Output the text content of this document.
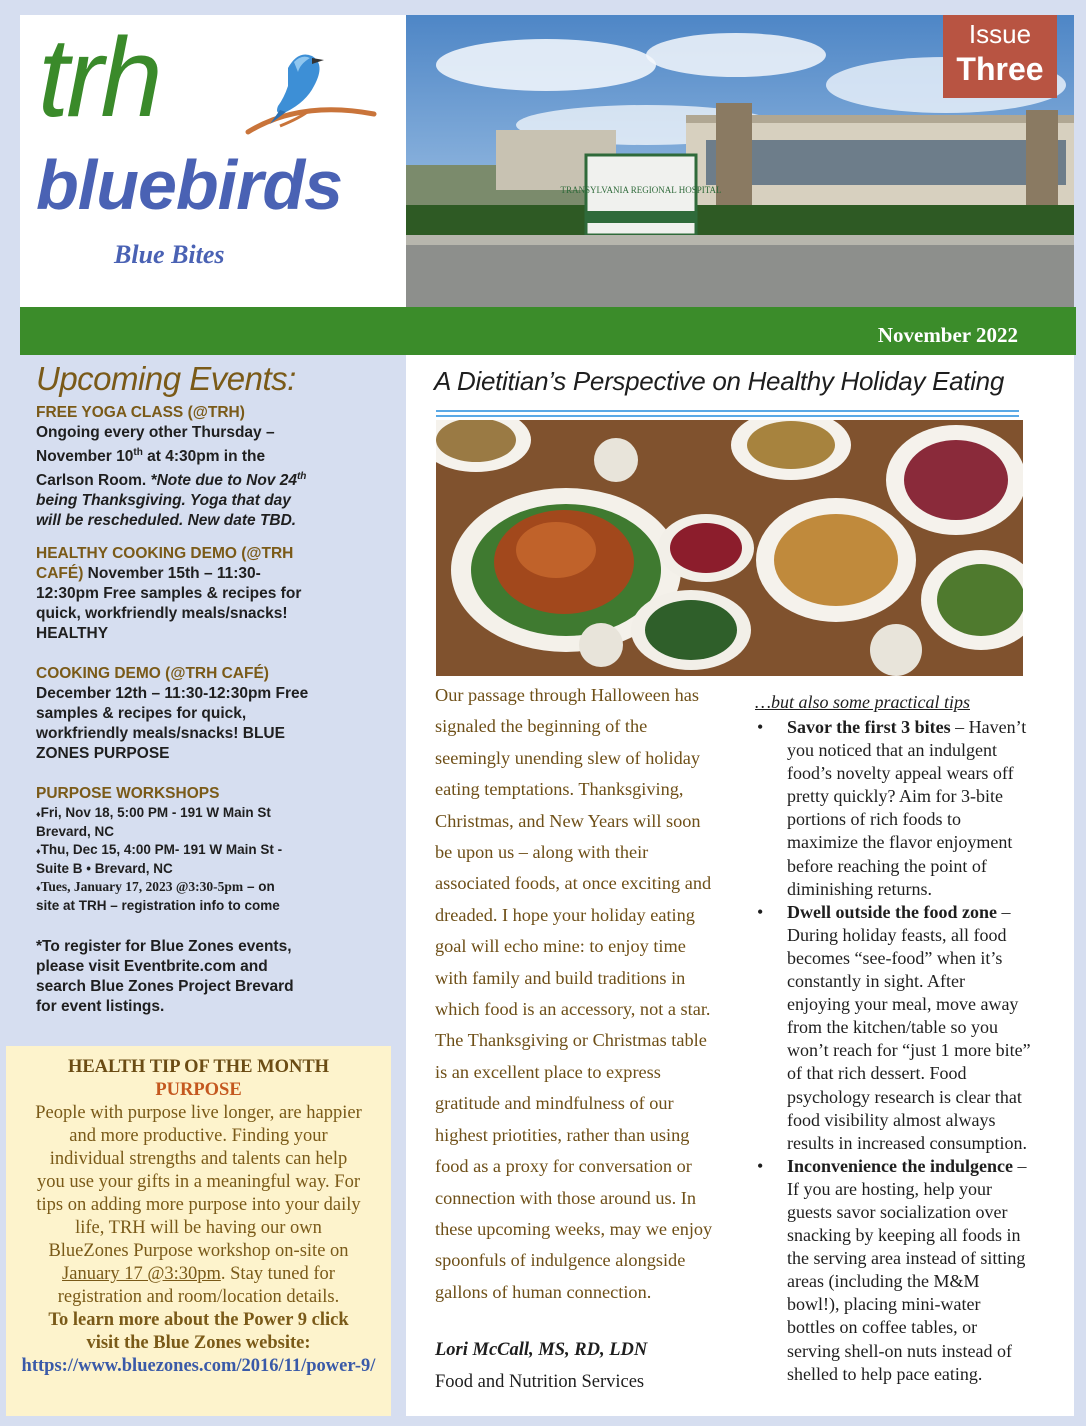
trh
bluebirds
Blue Bites
TRANSYLVANIA REGIONAL HOSPITAL
Issue
Three
November 2022
Upcoming Events:
FREE YOGA CLASS (@TRH)
Ongoing every other Thursday –
November 10th at 4:30pm in the
Carlson Room. *Note due to Nov 24th
being Thanksgiving. Yoga that day
will be rescheduled. New date TBD.
HEALTHY COOKING DEMO (@TRH
CAFÉ) November 15th – 11:30-
12:30pm Free samples & recipes for
quick, workfriendly meals/snacks!
HEALTHY
COOKING DEMO (@TRH CAFÉ)
December 12th – 11:30-12:30pm Free
samples & recipes for quick,
workfriendly meals/snacks! BLUE
ZONES PURPOSE
PURPOSE WORKSHOPS
♦Fri, Nov 18, 5:00 PM - 191 W Main St
Brevard, NC
♦Thu, Dec 15, 4:00 PM- 191 W Main St -
Suite B • Brevard, NC
♦Tues, January 17, 2023 @3:30-5pm – on
site at TRH – registration info to come
*To register for Blue Zones events,
please visit Eventbrite.com and
search Blue Zones Project Brevard
for event listings.
HEALTH TIP OF THE MONTH
PURPOSE
People with purpose live longer, are happier
and more productive. Finding your
individual strengths and talents can help
you use your gifts in a meaningful way. For
tips on adding more purpose into your daily
life, TRH will be having our own
BlueZones Purpose workshop on-site on
January 17 @3:30pm. Stay tuned for
registration and room/location details.
To learn more about the Power 9 click
visit the Blue Zones website:
https://www.bluezones.com/2016/11/power-9/
A Dietitian’s Perspective on Healthy Holiday Eating
Our passage through Halloween has
signaled the beginning of the
seemingly unending slew of holiday
eating temptations. Thanksgiving,
Christmas, and New Years will soon
be upon us – along with their
associated foods, at once exciting and
dreaded. I hope your holiday eating
goal will echo mine: to enjoy time
with family and build traditions in
which food is an accessory, not a star.
The Thanksgiving or Christmas table
is an excellent place to express
gratitude and mindfulness of our
highest priotities, rather than using
food as a proxy for conversation or
connection with those around us. In
these upcoming weeks, may we enjoy
spoonfuls of indulgence alongside
gallons of human connection.
Lori McCall, MS, RD, LDN
Food and Nutrition Services
…but also some practical tips
• Savor the first 3 bites – Haven’t
you noticed that an indulgent
food’s novelty appeal wears off
pretty quickly? Aim for 3-bite
portions of rich foods to
maximize the flavor enjoyment
before reaching the point of
diminishing returns.
• Dwell outside the food zone –
During holiday feasts, all food
becomes “see-food” when it’s
constantly in sight. After
enjoying your meal, move away
from the kitchen/table so you
won’t reach for “just 1 more bite”
of that rich dessert. Food
psychology research is clear that
food visibility almost always
results in increased consumption.
• Inconvenience the indulgence –
If you are hosting, help your
guests savor socialization over
snacking by keeping all foods in
the serving area instead of sitting
areas (including the M&M
bowl!), placing mini-water
bottles on coffee tables, or
serving shell-on nuts instead of
shelled to help pace eating.
